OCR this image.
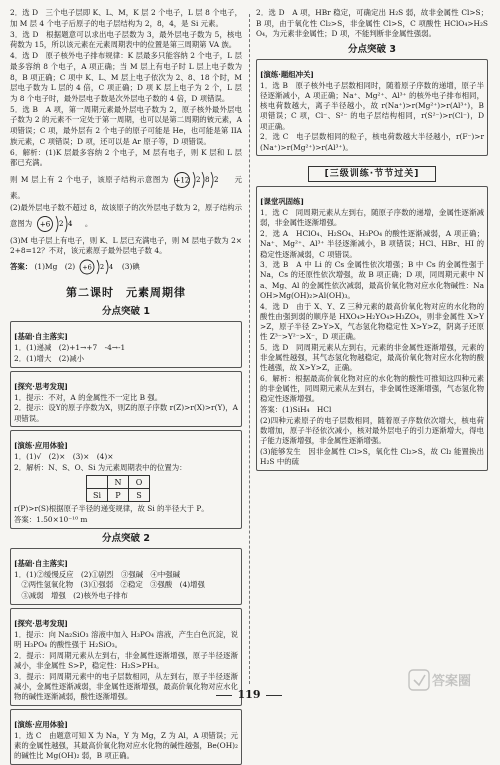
2．选 D　三个电子层即 K、L、M，K 层 2 个电子，L 层 8 个电子，加 M 层 4 个电子后原子的电子层结构为 2，8，4，是 Si 元素。

3．选 D　根据题意可以求出电子层数为 3，最外层电子数为 5，核电荷数为 15，所以该元素在元素周期表中的位置是第三周期第 VA 族。

4．选 D　原子核外电子排布规律：K 层最多只能容纳 2 个电子，L 层最多容纳 8 个电子，A 项正确；当 M 层上有电子时 L 层上电子数为 8，B 项正确；C 项中 K、L、M 层上电子依次为 2、8、18 个时，M 层电子数为 L 层的 4 倍，C 项正确；D 项 K 层上电子为 2 个，L 层为 8 个电子时，最外层电子数是次外层电子数的 4 倍，D 项错误。

5．选 B　A 项，第一周期元素最外层电子数为 2，原子核外最外层电子数为 2 的元素不一定处于第一周期，也可以是第二周期的铍元素，A 项错误；C 项，最外层有 2 个电子的原子可能是 He，也可能是第 IIA 族元素，C 项错误；D 项，还可以是 Ar 原子等，D 项错误。

6．解析：(1)K 层最多容纳 2 个电子，M 层有电子，则 K 层和 L 层都已充满。

则 M 层上有 2 个电子，该原子结构示意图为 +12 2 8 2 元素。

(2)最外层电子数不超过 8，故该原子的次外层电子数为 2，原子结构示意图为 +6 2 4 。

(3)M 电子层上有电子，则 K、L 层已充满电子，则 M 层电子数为 2×2+8=12？不对，该元素原子最外层电子数 4。

答案： (1)Mg　(2) +6 2 4 (3)碘

第二课时　元素周期律
分点突破 1
[基础·自主落实]

1．(1)递减　(2)+1→+7　-4→-1

2．(1)增大　(2)减小

[探究·思考发现]

1．提示：不对，A 的金属性不一定比 B 强。

2．提示：设Y的原子序数为X，则Z的原子序数 r(Z)>r(X)>r(Y)，A 项错误。

[演练·应用体验]

1．(1)√　(2)×　(3)×　(4)×

2．解析：N、S、O、Si 为元素周期表中的位置为：

	N	O
Si	P	S

r(P)>r(S)根据原子半径的递变规律，故 Si 的半径大于 P。

答案：1.50×10⁻¹⁰ m

分点突破 2
[基础·自主落实]

1．(1)②缓慢反应　(2)①剧烈　③强碱　④中强碱

　②两性氢氧化物　(3)①强弱　②稳定　③强酸　(4)增强

　③减弱　增强　(2)核外电子排布

[探究·思考发现]

1．提示：向 Na₂SiO₃ 溶液中加入 H₃PO₄ 溶液，产生白色沉淀，说明 H₃PO₄ 的酸性强于 H₂SiO₃。

2．提示：同周期元素从左到右，非金属性逐渐增强，原子半径逐渐减小，非金属性 S>P，稳定性：H₂S>PH₃。

3．提示：同周期元素中的电子层数相同，从左到右，原子半径逐渐减小，金属性逐渐减弱，非金属性逐渐增强，最高价氧化物对应水化物的碱性逐渐减弱，酸性逐渐增强。

[演练·应用体验]

1．选 C　由题意可知 X 为 Na，Y 为 Mg，Z 为 Al，A 项错误；元素的金属性越强，其最高价氧化物对应水化物的碱性越强，Be(OH)₂ 的碱性比 Mg(OH)₂ 弱，B 项正确。

2．选 D　A 项，HBr 稳定，可确定出 H₂S 弱，故非金属性 Cl>S；B 项，由于氧化性 Cl₂>S，非金属性 Cl>S，C 项酸性 HClO₄>H₂SO₄，为元素非金属性；D 项，不能判断非金属性强弱。

分点突破 3
[演练·题组冲关]

1．选 B　原子核外电子层数相同时，随着原子序数的递增，原子半径逐渐减小，A 项正确；Na⁺、Mg²⁺、Al³⁺ 的核外电子排布相同，核电荷数越大，离子半径越小，故 r(Na⁺)>r(Mg²⁺)>r(Al³⁺)，B 项错误；C 项，Cl⁻、S²⁻ 的电子层结构相同，r(S²⁻)>r(Cl⁻)，D 项正确。

2．选 C　电子层数相同的粒子，核电荷数越大半径越小，r(F⁻)>r(Na⁺)>r(Mg²⁺)>r(Al³⁺)。

[三级训练·节节过关]
[课堂巩固练]

1．选 C　同周期元素从左到右，随原子序数的递增，金属性逐渐减弱，非金属性逐渐增强。

2．选 A　HClO₄、H₂SO₄、H₃PO₄ 的酸性逐渐减弱，A 项正确；Na⁺、Mg²⁺、Al³⁺ 半径逐渐减小，B 项错误；HCl、HBr、HI 的稳定性逐渐减弱，C 项错误。

3．选 B　A 中 Li 的 Cs 金属性依次增强；B 中 Cs 的金属性强于 Na，Cs 的还原性依次增强，故 B 项正确；D 项，同周期元素中 Na、Mg、Al 的金属性依次减弱，最高价氧化物对应水化物碱性：NaOH>Mg(OH)₂>Al(OH)₃。

4．选 D　由于 X、Y、Z 三种元素的最高价氧化物对应的水化物的酸性由强到弱的顺序是 HXO₄>H₂YO₄>H₃ZO₄，则非金属性 X>Y>Z，原子半径 Z>Y>X，气态氢化物稳定性 X>Y>Z，阴离子还原性 Z³⁻>Y²⁻>X⁻，D 项正确。

5．选 D　同周期元素从左到右，元素的非金属性逐渐增强，元素的非金属性越强，其气态氢化物越稳定，最高价氧化物对应水化物的酸性越强，故 X>Y>Z，正确。

6．解析：根据最高价氧化物对应的水化物的酸性可推知这四种元素的非金属性，同周期元素从左到右，非金属性逐渐增强，气态氢化物稳定性逐渐增强。

答案：(1)SiH₄　HCl

(2)四种元素原子的电子层数相同，随着原子序数依次增大，核电荷数增加，原子半径依次减小，核对最外层电子的引力逐渐增大，得电子能力逐渐增强，非金属性逐渐增强。

(3)能够发生　因非金属性 Cl>S，氧化性 Cl₂>S，故 Cl₂ 能置换出 H₂S 中的硫

119
答案圈
